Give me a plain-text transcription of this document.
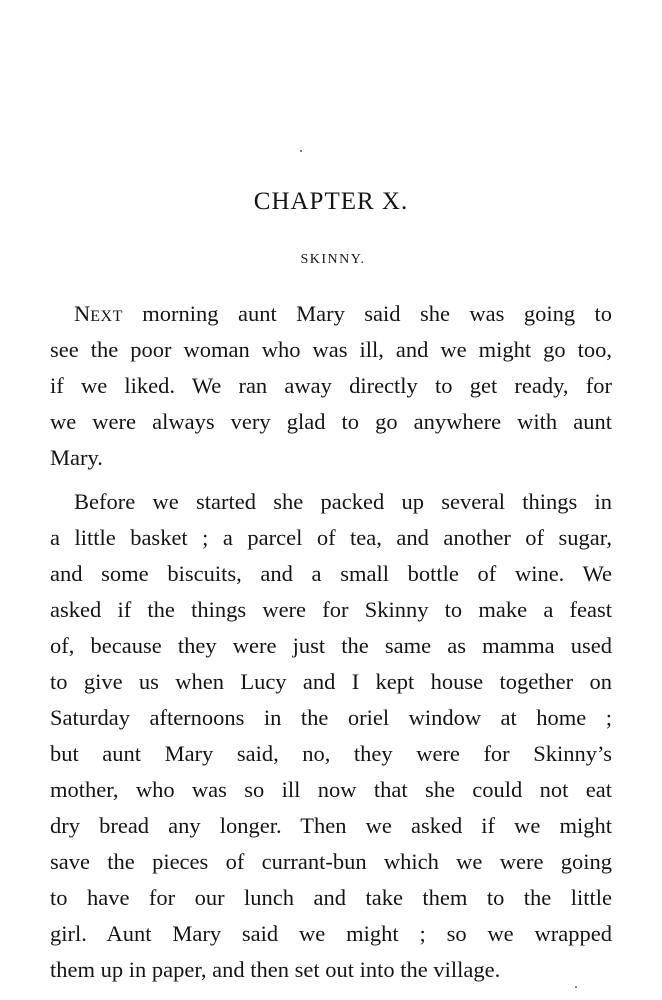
CHAPTER X.
SKINNY.
NEXT morning aunt Mary said she was going to
see the poor woman who was ill, and we might go too,
if we liked. We ran away directly to get ready, for
we were always very glad to go anywhere with aunt
Mary.
Before we started she packed up several things in
a little basket ; a parcel of tea, and another of sugar,
and some biscuits, and a small bottle of wine. We
asked if the things were for Skinny to make a feast
of, because they were just the same as mamma used
to give us when Lucy and I kept house together on
Saturday afternoons in the oriel window at home ;
but aunt Mary said, no, they were for Skinny’s
mother, who was so ill now that she could not eat
dry bread any longer. Then we asked if we might
save the pieces of currant-bun which we were going
to have for our lunch and take them to the little
girl. Aunt Mary said we might ; so we wrapped
them up in paper, and then set out into the village.
